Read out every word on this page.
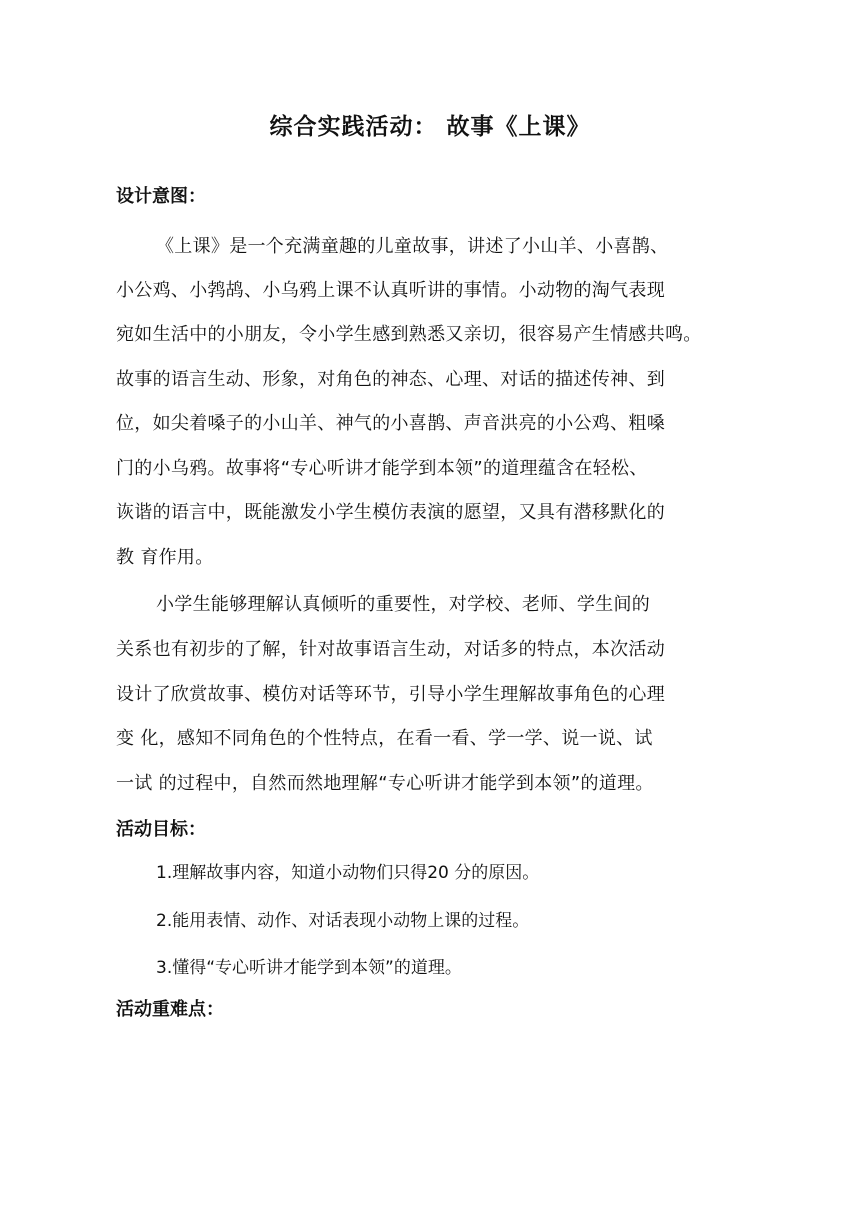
综合实践活动： 故事《上课》
设计意图：
《上课》是一个充满童趣的儿童故事，讲述了小山羊、小喜鹊、
小公鸡、小鹁鸪、小乌鸦上课不认真听讲的事情。小动物的淘气表现
宛如生活中的小朋友，令小学生感到熟悉又亲切，很容易产生情感共鸣。
故事的语言生动、形象，对角色的神态、心理、对话的描述传神、到
位，如尖着嗓子的小山羊、神气的小喜鹊、声音洪亮的小公鸡、粗嗓
门的小乌鸦。故事将“专心听讲才能学到本领”的道理蕴含在轻松、
诙谐的语言中，既能激发小学生模仿表演的愿望，又具有潜移默化的
教 育作用。
小学生能够理解认真倾听的重要性，对学校、老师、学生间的
关系也有初步的了解，针对故事语言生动，对话多的特点，本次活动
设计了欣赏故事、模仿对话等环节，引导小学生理解故事角色的心理
变 化，感知不同角色的个性特点，在看一看、学一学、说一说、试
一试 的过程中，自然而然地理解“专心听讲才能学到本领”的道理。
活动目标：
1.理解故事内容，知道小动物们只得20 分的原因。
2.能用表情、动作、对话表现小动物上课的过程。
3.懂得“专心听讲才能学到本领”的道理。
活动重难点：
